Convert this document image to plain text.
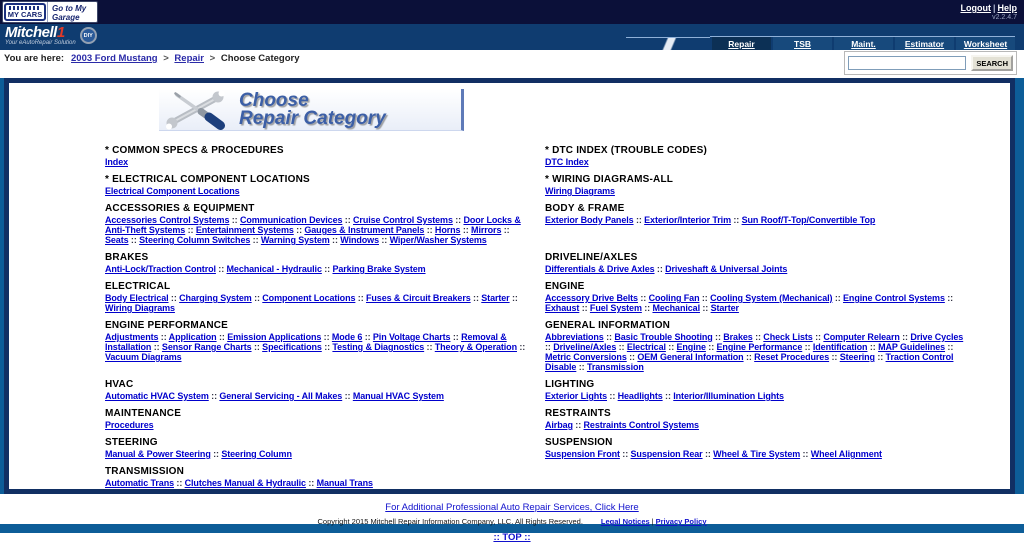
MY CARS
Go to My Garage
Logout | Help
v2.2.4.7
Mitchell1
Your eAutoRepair Solution
DIY
Repair	TSB	Maint.	Estimator Worksheet
You are here: 2003 Ford Mustang > Repair > Choose Category	SEARCH
Choose
Repair Category
* COMMON SPECS & PROCEDURES
Index
* DTC INDEX (TROUBLE CODES)
DTC Index
* ELECTRICAL COMPONENT LOCATIONS
Electrical Component Locations
* WIRING DIAGRAMS-ALL
Wiring Diagrams
ACCESSORIES & EQUIPMENT
Accessories Control Systems :: Communication Devices :: Cruise Control Systems :: Door Locks & Anti-Theft Systems :: Entertainment Systems :: Gauges & Instrument Panels :: Horns :: Mirrors :: Seats :: Steering Column Switches :: Warning System :: Windows :: Wiper/Washer Systems
BODY & FRAME
Exterior Body Panels :: Exterior/Interior Trim :: Sun Roof/T-Top/Convertible Top
BRAKES
Anti-Lock/Traction Control :: Mechanical - Hydraulic :: Parking Brake System
DRIVELINE/AXLES
Differentials & Drive Axles :: Driveshaft & Universal Joints
ELECTRICAL
Body Electrical :: Charging System :: Component Locations :: Fuses & Circuit Breakers :: Starter :: Wiring Diagrams
ENGINE
Accessory Drive Belts :: Cooling Fan :: Cooling System (Mechanical) :: Engine Control Systems :: Exhaust :: Fuel System :: Mechanical :: Starter
ENGINE PERFORMANCE
Adjustments :: Application :: Emission Applications :: Mode 6 :: Pin Voltage Charts :: Removal & Installation :: Sensor Range Charts :: Specifications :: Testing & Diagnostics :: Theory & Operation :: Vacuum Diagrams
GENERAL INFORMATION
Abbreviations :: Basic Trouble Shooting :: Brakes :: Check Lists :: Computer Relearn :: Drive Cycles :: Driveline/Axles :: Electrical :: Engine :: Engine Performance :: Identification :: MAP Guidelines :: Metric Conversions :: OEM General Information :: Reset Procedures :: Steering :: Traction Control Disable :: Transmission
HVAC
Automatic HVAC System :: General Servicing - All Makes :: Manual HVAC System
LIGHTING
Exterior Lights :: Headlights :: Interior/Illumination Lights
MAINTENANCE
Procedures
RESTRAINTS
Airbag :: Restraints Control Systems
STEERING
Manual & Power Steering :: Steering Column
SUSPENSION
Suspension Front :: Suspension Rear :: Wheel & Tire System :: Wheel Alignment
TRANSMISSION
Automatic Trans :: Clutches Manual & Hydraulic :: Manual Trans
For Additional Professional Auto Repair Services, Click Here
Copyright 2015 Mitchell Repair Information Company, LLC. All Rights Reserved. Legal Notices | Privacy Policy
:: TOP ::
